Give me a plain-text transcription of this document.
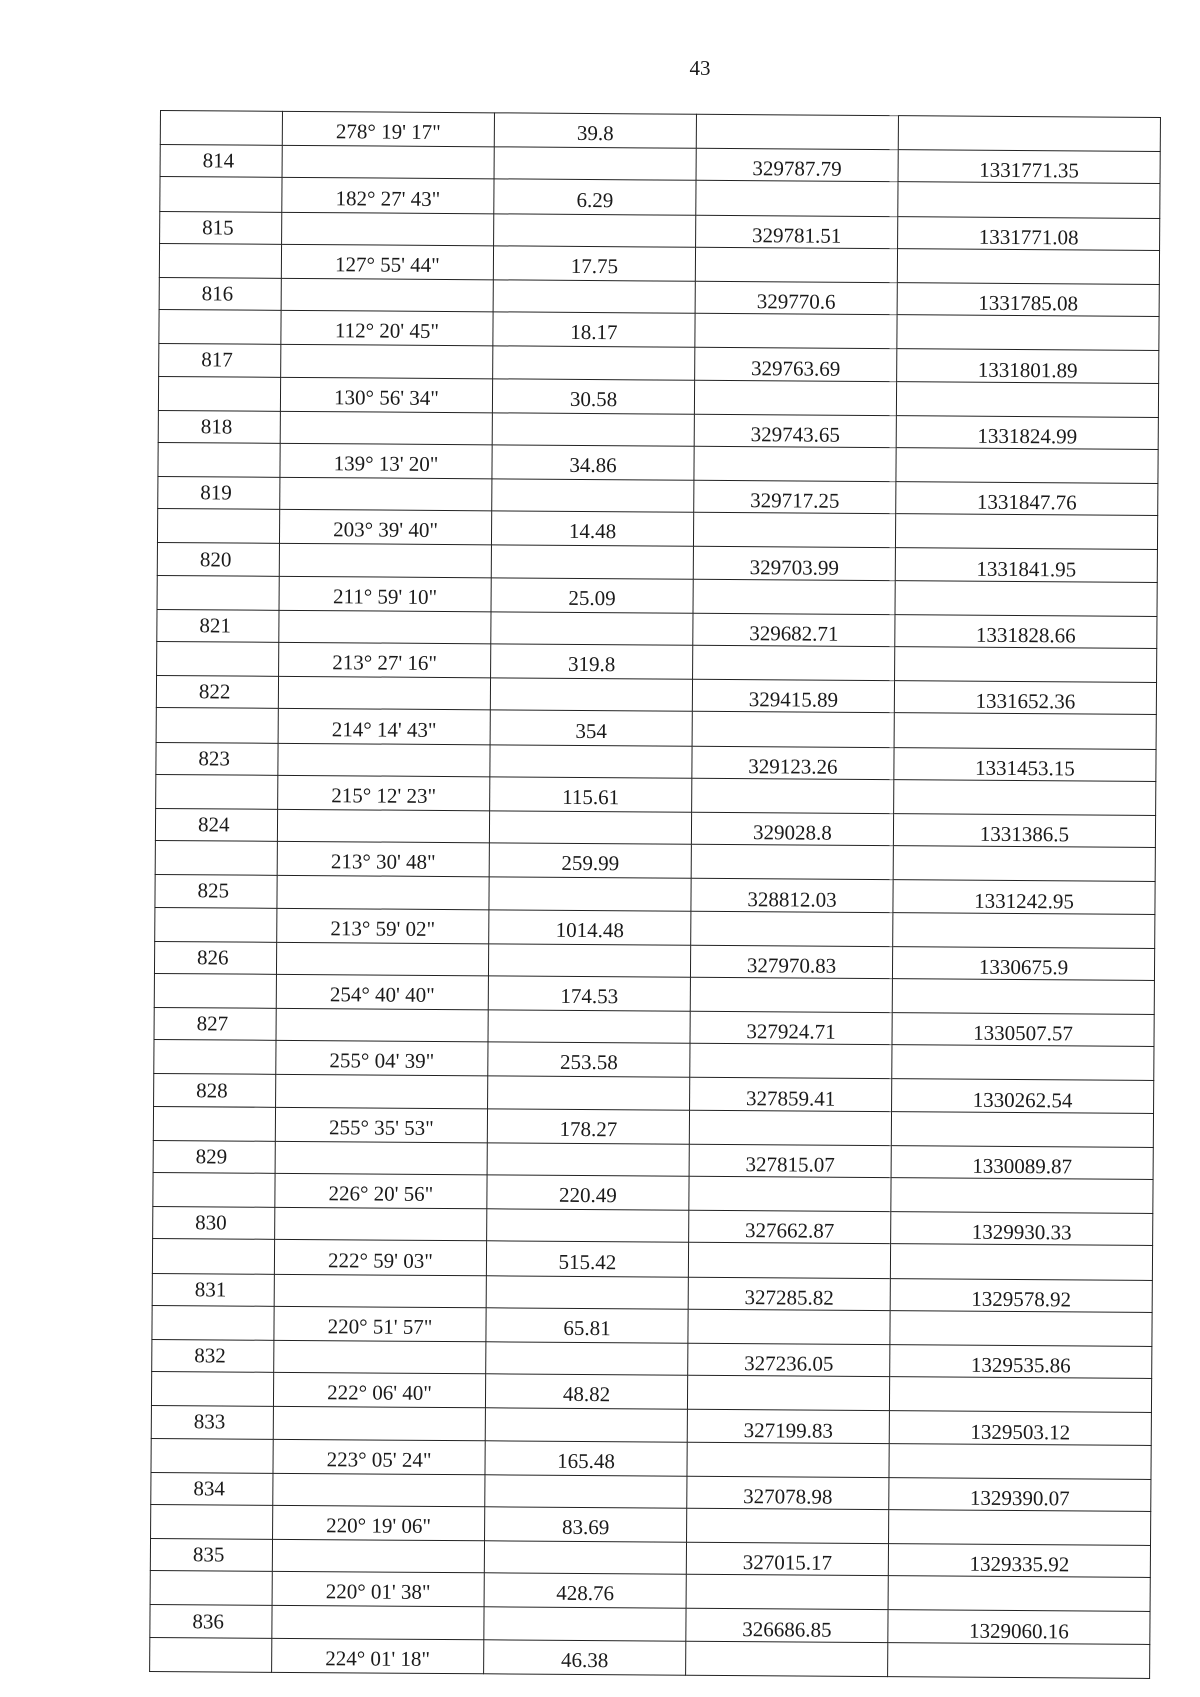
43
	278° 19' 17"	39.8		
814			329787.79	1331771.35
	182° 27' 43"	6.29		
815			329781.51	1331771.08
	127° 55' 44"	17.75		
816			329770.6	1331785.08
	112° 20' 45"	18.17		
817			329763.69	1331801.89
	130° 56' 34"	30.58		
818			329743.65	1331824.99
	139° 13' 20"	34.86		
819			329717.25	1331847.76
	203° 39' 40"	14.48		
820			329703.99	1331841.95
	211° 59' 10"	25.09		
821			329682.71	1331828.66
	213° 27' 16"	319.8		
822			329415.89	1331652.36
	214° 14' 43"	354		
823			329123.26	1331453.15
	215° 12' 23"	115.61		
824			329028.8	1331386.5
	213° 30' 48"	259.99		
825			328812.03	1331242.95
	213° 59' 02"	1014.48		
826			327970.83	1330675.9
	254° 40' 40"	174.53		
827			327924.71	1330507.57
	255° 04' 39"	253.58		
828			327859.41	1330262.54
	255° 35' 53"	178.27		
829			327815.07	1330089.87
	226° 20' 56"	220.49		
830			327662.87	1329930.33
	222° 59' 03"	515.42		
831			327285.82	1329578.92
	220° 51' 57"	65.81		
832			327236.05	1329535.86
	222° 06' 40"	48.82		
833			327199.83	1329503.12
	223° 05' 24"	165.48		
834			327078.98	1329390.07
	220° 19' 06"	83.69		
835			327015.17	1329335.92
	220° 01' 38"	428.76		
836			326686.85	1329060.16
	224° 01' 18"	46.38		
